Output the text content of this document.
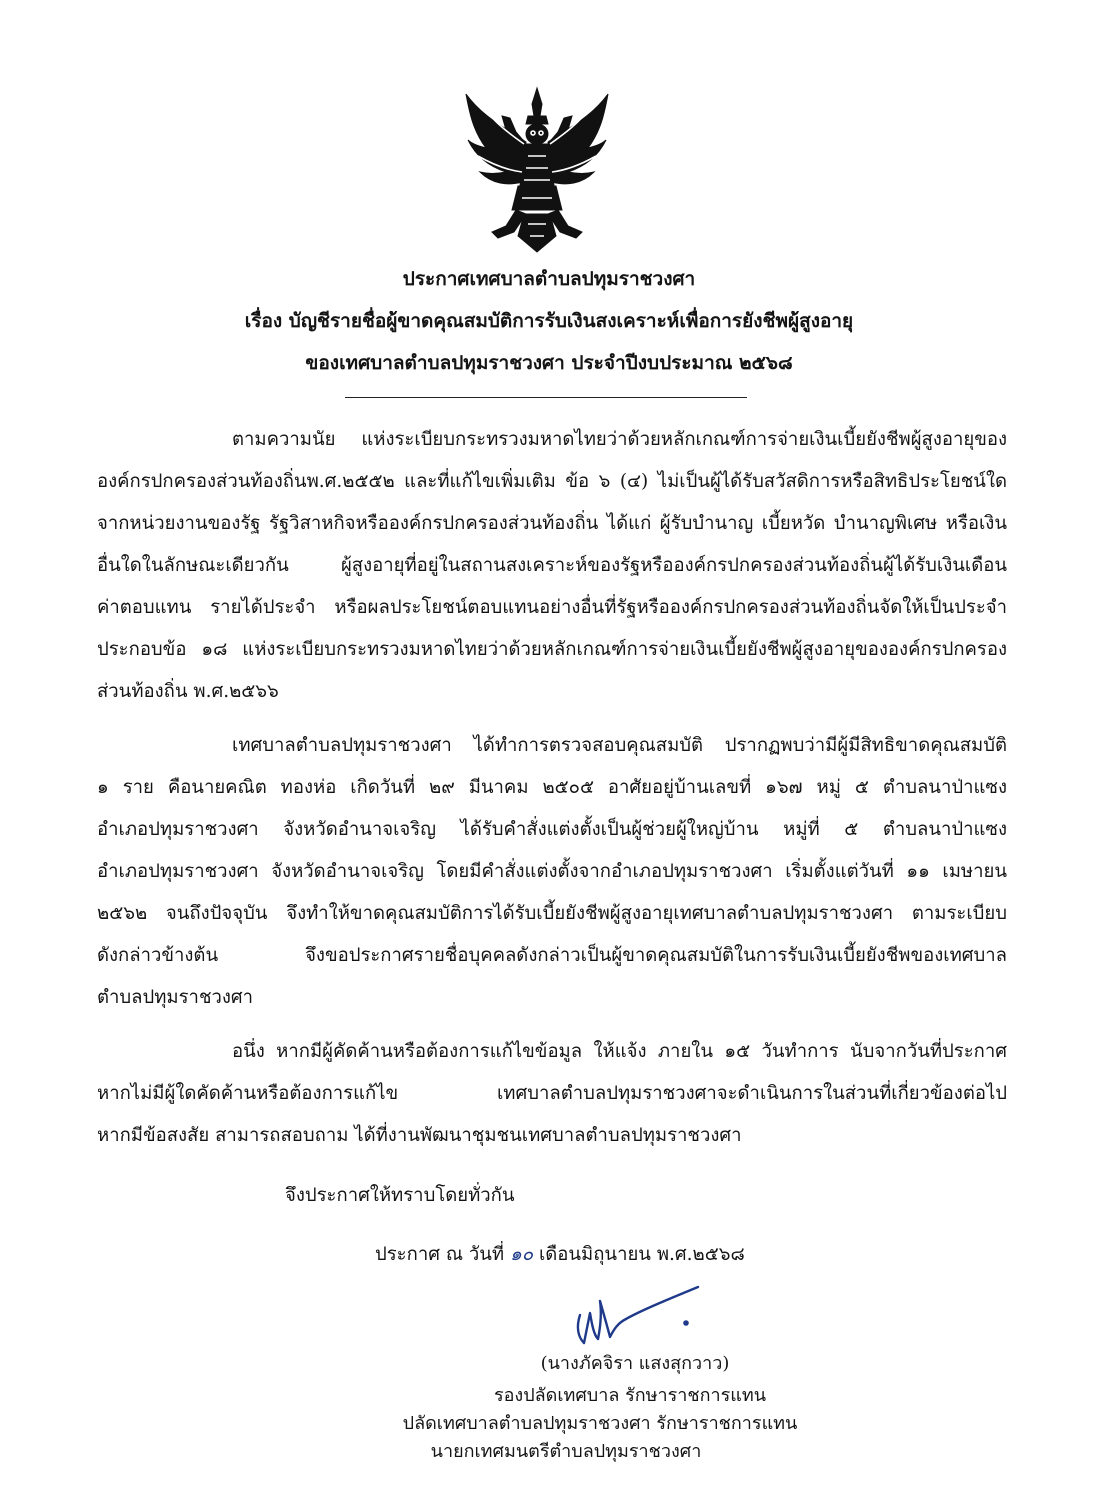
ประกาศเทศบาลตำบลปทุมราชวงศา
เรื่อง บัญชีรายชื่อผู้ขาดคุณสมบัติการรับเงินสงเคราะห์เพื่อการยังชีพผู้สูงอายุ
ของเทศบาลตำบลปทุมราชวงศา ประจำปีงบประมาณ ๒๕๖๘
ตามความนัย แห่งระเบียบกระทรวงมหาดไทยว่าด้วยหลักเกณฑ์การจ่ายเงินเบี้ยยังชีพผู้สูงอายุของ
องค์กรปกครองส่วนท้องถิ่นพ.ศ.๒๕๕๒ และที่แก้ไขเพิ่มเติม ข้อ ๖ (๔) ไม่เป็นผู้ได้รับสวัสดิการหรือสิทธิประโยชน์ใด
จากหน่วยงานของรัฐ รัฐวิสาหกิจหรือองค์กรปกครองส่วนท้องถิ่น ได้แก่ ผู้รับบำนาญ เบี้ยหวัด บำนาญพิเศษ หรือเงิน
อื่นใดในลักษณะเดียวกัน ผู้สูงอายุที่อยู่ในสถานสงเคราะห์ของรัฐหรือองค์กรปกครองส่วนท้องถิ่นผู้ได้รับเงินเดือน
ค่าตอบแทน รายได้ประจำ หรือผลประโยชน์ตอบแทนอย่างอื่นที่รัฐหรือองค์กรปกครองส่วนท้องถิ่นจัดให้เป็นประจำ
ประกอบข้อ ๑๘ แห่งระเบียบกระทรวงมหาดไทยว่าด้วยหลักเกณฑ์การจ่ายเงินเบี้ยยังชีพผู้สูงอายุขององค์กรปกครอง
ส่วนท้องถิ่น พ.ศ.๒๕๖๖
เทศบาลตำบลปทุมราชวงศา ได้ทำการตรวจสอบคุณสมบัติ ปรากฏพบว่ามีผู้มีสิทธิขาดคุณสมบัติ
๑ ราย คือนายคณิต ทองห่อ เกิดวันที่ ๒๙ มีนาคม ๒๕๐๕ อาศัยอยู่บ้านเลขที่ ๑๖๗ หมู่ ๕ ตำบลนาป่าแซง
อำเภอปทุมราชวงศา จังหวัดอำนาจเจริญ ได้รับคำสั่งแต่งตั้งเป็นผู้ช่วยผู้ใหญ่บ้าน หมู่ที่ ๕ ตำบลนาป่าแซง
อำเภอปทุมราชวงศา จังหวัดอำนาจเจริญ โดยมีคำสั่งแต่งตั้งจากอำเภอปทุมราชวงศา เริ่มตั้งแต่วันที่ ๑๑ เมษายน
๒๕๖๒ จนถึงปัจจุบัน จึงทำให้ขาดคุณสมบัติการได้รับเบี้ยยังชีพผู้สูงอายุเทศบาลตำบลปทุมราชวงศา ตามระเบียบ
ดังกล่าวข้างต้น จึงขอประกาศรายชื่อบุคคลดังกล่าวเป็นผู้ขาดคุณสมบัติในการรับเงินเบี้ยยังชีพของเทศบาล
ตำบลปทุมราชวงศา
อนึ่ง หากมีผู้คัดค้านหรือต้องการแก้ไขข้อมูล ให้แจ้ง ภายใน ๑๕ วันทำการ นับจากวันที่ประกาศ
หากไม่มีผู้ใดคัดค้านหรือต้องการแก้ไข เทศบาลตำบลปทุมราชวงศาจะดำเนินการในส่วนที่เกี่ยวข้องต่อไป
หากมีข้อสงสัย สามารถสอบถาม ได้ที่งานพัฒนาชุมชนเทศบาลตำบลปทุมราชวงศา
จึงประกาศให้ทราบโดยทั่วกัน
ประกาศ ณ วันที่ ๑๐ เดือนมิถุนายน พ.ศ.๒๕๖๘
(นางภัคจิรา แสงสุกวาว)
รองปลัดเทศบาล รักษาราชการแทน
ปลัดเทศบาลตำบลปทุมราชวงศา รักษาราชการแทน
นายกเทศมนตรีตำบลปทุมราชวงศา
